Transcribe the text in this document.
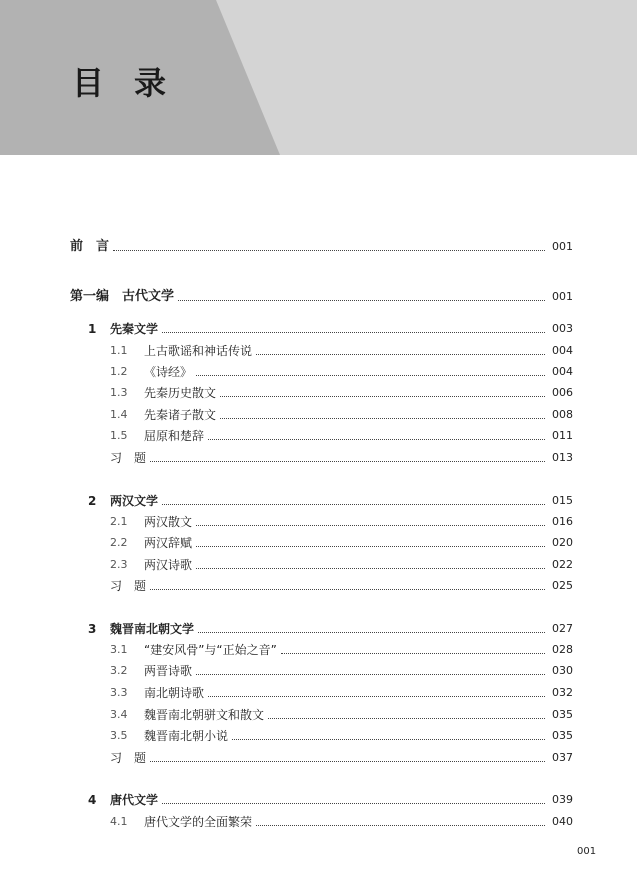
目 录
前　言	001
第一编　古代文学	001
1	先秦文学	003
1.1	上古歌谣和神话传说	004
1.2	《诗经》	004
1.3	先秦历史散文	006
1.4	先秦诸子散文	008
1.5	屈原和楚辞	011
习　题	013
2	两汉文学	015
2.1	两汉散文	016
2.2	两汉辞赋	020
2.3	两汉诗歌	022
习　题	025
3	魏晋南北朝文学	027
3.1	“建安风骨”与“正始之音”	028
3.2	两晋诗歌	030
3.3	南北朝诗歌	032
3.4	魏晋南北朝骈文和散文	035
3.5	魏晋南北朝小说	035
习　题	037
4	唐代文学	039
4.1	唐代文学的全面繁荣	040
001
